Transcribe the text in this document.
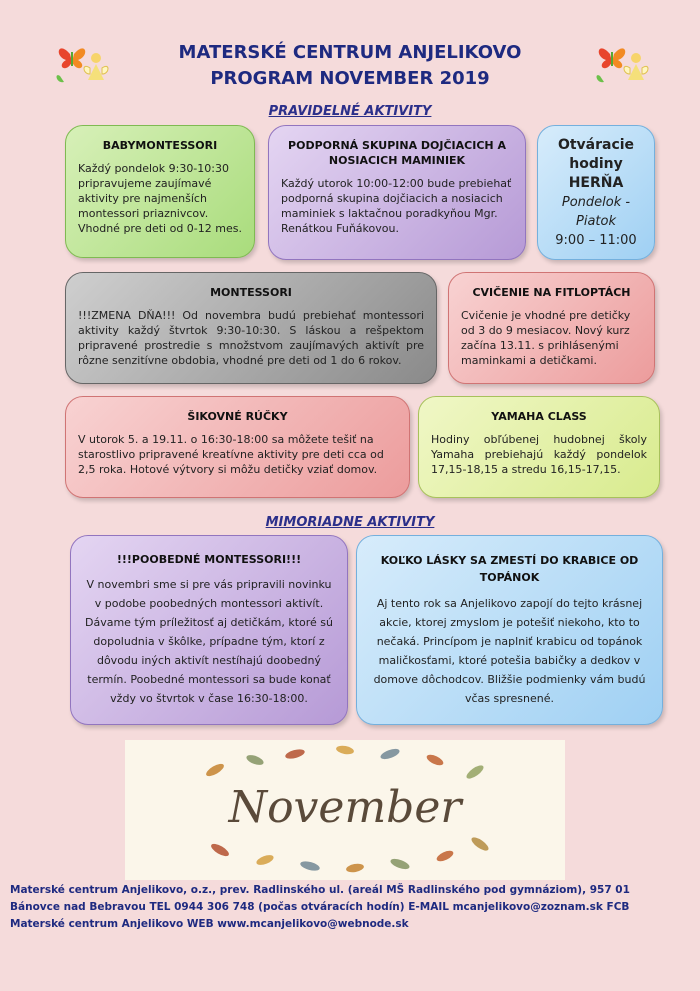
MATERSKÉ CENTRUM ANJELIKOVO
PROGRAM NOVEMBER 2019
PRAVIDELNÉ AKTIVITY
BABYMONTESSORI

Každý pondelok 9:30-10:30 pripravujeme zaujímavé aktivity pre najmenších montessori priaznivcov. Vhodné pre deti od 0-12 mes.

PODPORNÁ SKUPINA DOJČIACICH A NOSIACICH MAMINIEK

Každý utorok 10:00-12:00 bude prebiehať podporná skupina dojčiacich a nosiacich maminiek s laktačnou poradkyňou Mgr. Renátkou Fuňákovou.

Otváracie
hodiny
HERŇA
Pondelok -
Piatok
9:00 – 11:00
MONTESSORI

!!!ZMENA DŇA!!! Od novembra budú prebiehať montessori aktivity každý štvrtok 9:30-10:30. S láskou a rešpektom pripravené prostredie s množstvom zaujímavých aktivít pre rôzne senzitívne obdobia, vhodné pre deti od 1 do 6 rokov.

CVIČENIE NA FITLOPTÁCH

Cvičenie je vhodné pre detičky od 3 do 9 mesiacov. Nový kurz začína 13.11. s prihlásenými maminkami a detičkami.

ŠIKOVNÉ RÚČKY

V utorok 5. a 19.11. o 16:30-18:00 sa môžete tešiť na starostlivo pripravené kreatívne aktivity pre deti cca od 2,5 roka. Hotové výtvory si môžu detičky vziať domov.

YAMAHA CLASS

Hodiny obľúbenej hudobnej školy Yamaha prebiehajú každý pondelok 17,15-18,15 a stredu 16,15-17,15.

MIMORIADNE AKTIVITY
!!!POOBEDNÉ MONTESSORI!!!

V novembri sme si pre vás pripravili novinku v podobe poobedných montessori aktivít. Dávame tým príležitosť aj detičkám, ktoré sú dopoludnia v škôlke, prípadne tým, ktorí z dôvodu iných aktivít nestíhajú doobedný termín. Poobedné montessori sa bude konať vždy vo štvrtok v čase 16:30-18:00.

KOĽKO LÁSKY SA ZMESTÍ DO KRABICE OD TOPÁNOK

Aj tento rok sa Anjelikovo zapojí do tejto krásnej akcie, ktorej zmyslom je potešiť niekoho, kto to nečaká. Princípom je naplniť krabicu od topánok maličkosťami, ktoré potešia babičky a dedkov v domove dôchodcov. Bližšie podmienky vám budú včas spresnené.

November
Materské centrum Anjelikovo, o.z., prev. Radlinského ul. (areál MŠ Radlinského pod gymnáziom), 957 01
Bánovce nad Bebravou TEL 0944 306 748 (počas otváracích hodín) E-MAIL mcanjelikovo@zoznam.sk FCB
Materské centrum Anjelikovo WEB www.mcanjelikovo@webnode.sk
